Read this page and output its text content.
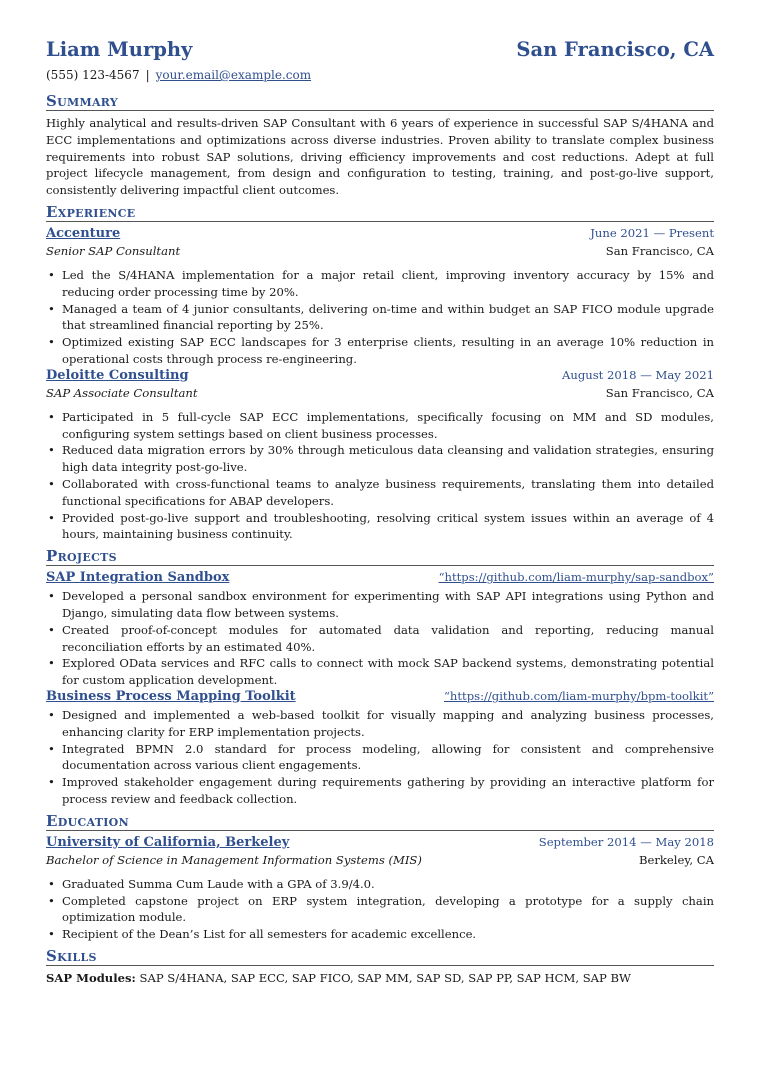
Liam Murphy	San Francisco, CA
(555) 123-4567 | your.email@example.com
Summary
Highly analytical and results-driven SAP Consultant with 6 years of experience in successful SAP S/4HANA and ECC implementations and optimizations across diverse industries. Proven ability to translate complex business requirements into robust SAP solutions, driving efficiency improvements and cost reductions. Adept at full project lifecycle management, from design and configuration to testing, training, and post-go-live support, consistently delivering impactful client outcomes.
Experience
Accenture	June 2021 — Present
Senior SAP Consultant	San Francisco, CA
• Led the S/4HANA implementation for a major retail client, improving inventory accuracy by 15% and reducing order processing time by 20%.
• Managed a team of 4 junior consultants, delivering on-time and within budget an SAP FICO module upgrade that streamlined financial reporting by 25%.
• Optimized existing SAP ECC landscapes for 3 enterprise clients, resulting in an average 10% reduction in operational costs through process re-engineering.
Deloitte Consulting	August 2018 — May 2021
SAP Associate Consultant	San Francisco, CA
• Participated in 5 full-cycle SAP ECC implementations, specifically focusing on MM and SD modules, configuring system settings based on client business processes.
• Reduced data migration errors by 30% through meticulous data cleansing and validation strategies, ensuring high data integrity post-go-live.
• Collaborated with cross-functional teams to analyze business requirements, translating them into detailed functional specifications for ABAP developers.
• Provided post-go-live support and troubleshooting, resolving critical system issues within an average of 4 hours, maintaining business continuity.
Projects
SAP Integration Sandbox	“https://github.com/liam-murphy/sap-sandbox”
• Developed a personal sandbox environment for experimenting with SAP API integrations using Python and Django, simulating data flow between systems.
• Created proof-of-concept modules for automated data validation and reporting, reducing manual reconciliation efforts by an estimated 40%.
• Explored OData services and RFC calls to connect with mock SAP backend systems, demonstrating potential for custom application development.
Business Process Mapping Toolkit	“https://github.com/liam-murphy/bpm-toolkit”
• Designed and implemented a web-based toolkit for visually mapping and analyzing business processes, enhancing clarity for ERP implementation projects.
• Integrated BPMN 2.0 standard for process modeling, allowing for consistent and comprehensive documentation across various client engagements.
• Improved stakeholder engagement during requirements gathering by providing an interactive platform for process review and feedback collection.
Education
University of California, Berkeley	September 2014 — May 2018
Bachelor of Science in Management Information Systems (MIS)	Berkeley, CA
• Graduated Summa Cum Laude with a GPA of 3.9/4.0.
• Completed capstone project on ERP system integration, developing a prototype for a supply chain optimization module.
• Recipient of the Dean’s List for all semesters for academic excellence.
Skills
SAP Modules: SAP S/4HANA, SAP ECC, SAP FICO, SAP MM, SAP SD, SAP PP, SAP HCM, SAP BW
